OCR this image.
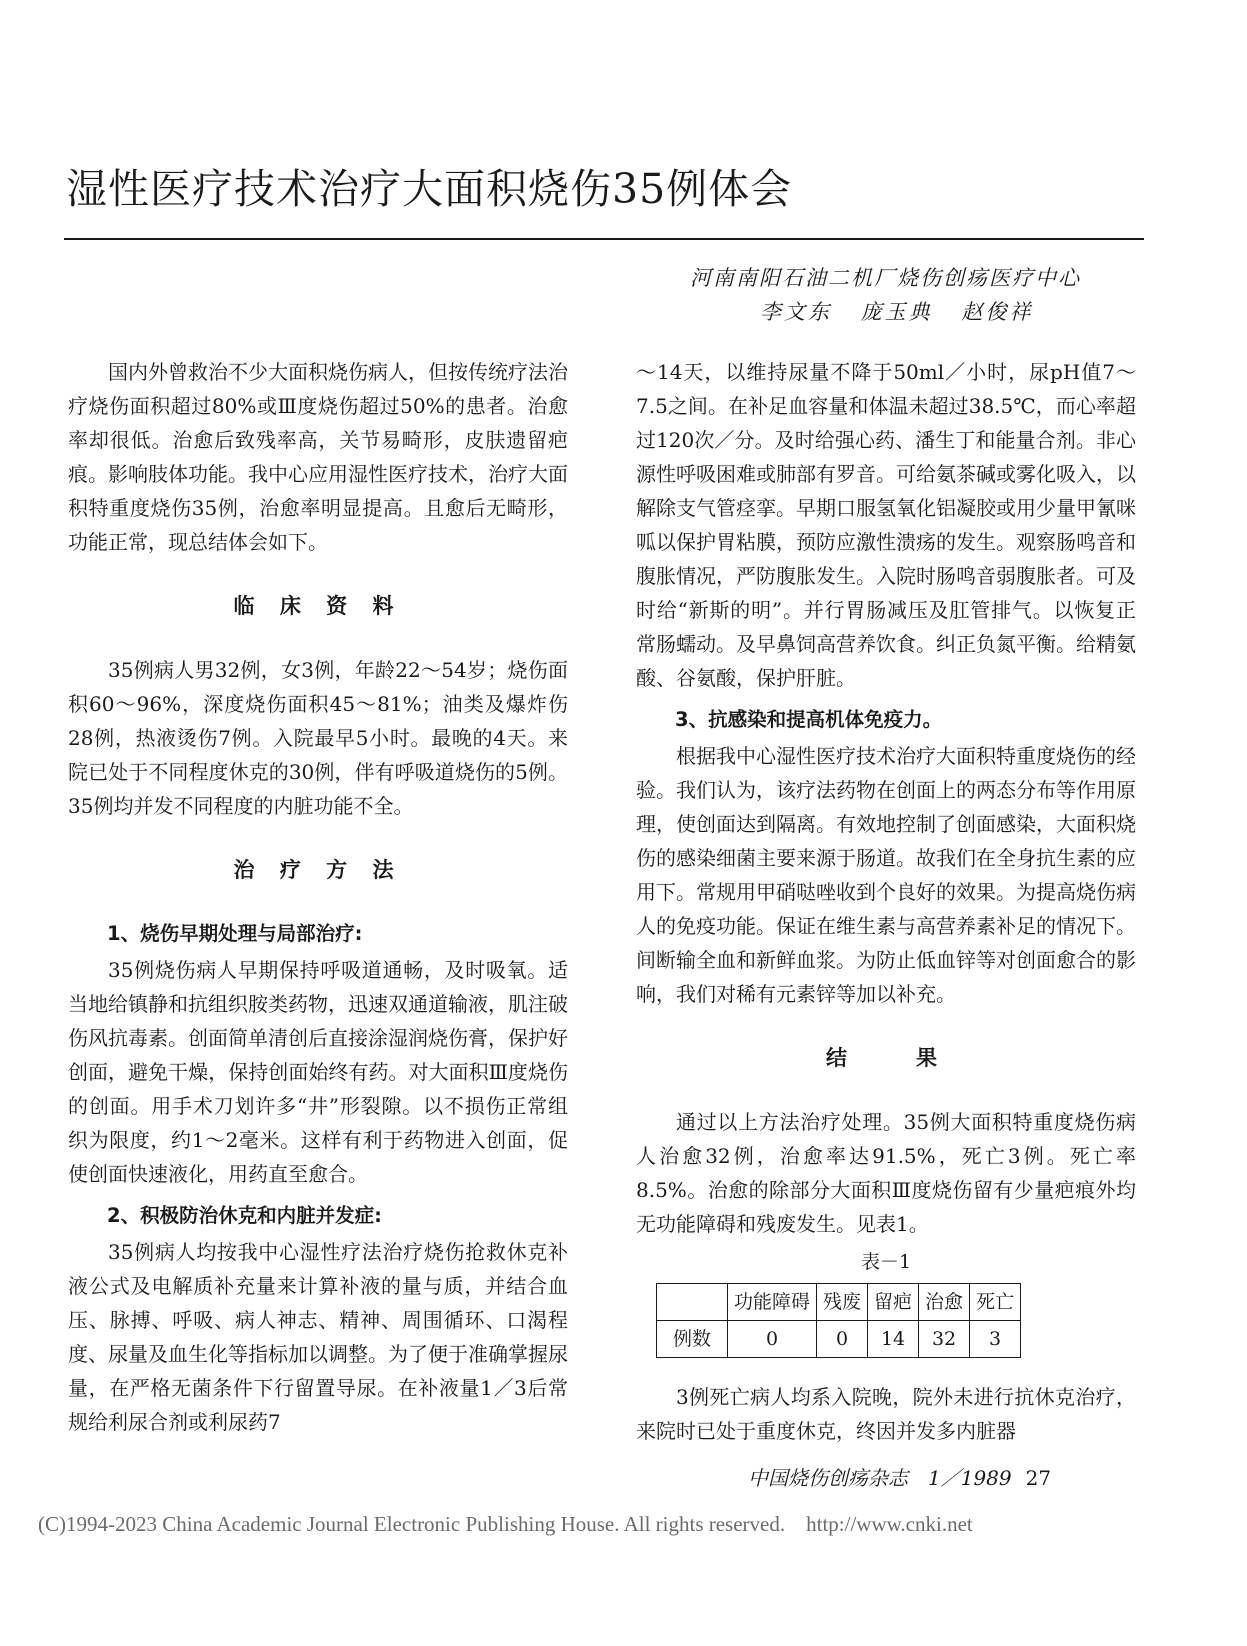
湿性医疗技术治疗大面积烧伤35例体会
河南南阳石油二机厂烧伤创疡医疗中心
李文东 庞玉典 赵俊祥

国内外曾救治不少大面积烧伤病人，但按传统疗法治疗烧伤面积超过80%或Ⅲ度烧伤超过50%的患者。治愈率却很低。治愈后致残率高，关节易畸形，皮肤遗留疤痕。影响肢体功能。我中心应用湿性医疗技术，治疗大面积特重度烧伤35例，治愈率明显提高。且愈后无畸形，功能正常，现总结体会如下。

临 床 资 料

35例病人男32例，女3例，年龄22～54岁；烧伤面积60～96%，深度烧伤面积45～81%；油类及爆炸伤28例，热液烫伤7例。入院最早5小时。最晚的4天。来院已处于不同程度休克的30例，伴有呼吸道烧伤的5例。35例均并发不同程度的内脏功能不全。

治 疗 方 法
1、烧伤早期处理与局部治疗:

35例烧伤病人早期保持呼吸道通畅，及时吸氧。适当地给镇静和抗组织胺类药物，迅速双通道输液，肌注破伤风抗毒素。创面简单清创后直接涂湿润烧伤膏，保护好创面，避免干燥，保持创面始终有药。对大面积Ⅲ度烧伤的创面。用手术刀划许多“井”形裂隙。以不损伤正常组织为限度，约1～2毫米。这样有利于药物进入创面，促使创面快速液化，用药直至愈合。

2、积极防治休克和内脏并发症:

35例病人均按我中心湿性疗法治疗烧伤抢救休克补液公式及电解质补充量来计算补液的量与质，并结合血压、脉搏、呼吸、病人神志、精神、周围循环、口渴程度、尿量及血生化等指标加以调整。为了便于准确掌握尿量，在严格无菌条件下行留置导尿。在补液量1／3后常规给利尿合剂或利尿药7

～14天，以维持尿量不降于50ml／小时，尿pH值7～7.5之间。在补足血容量和体温未超过38.5℃，而心率超过120次／分。及时给强心药、潘生丁和能量合剂。非心源性呼吸困难或肺部有罗音。可给氨茶碱或雾化吸入，以解除支气管痉挛。早期口服氢氧化铝凝胶或用少量甲氰咪呱以保护胃粘膜，预防应激性溃疡的发生。观察肠鸣音和腹胀情况，严防腹胀发生。入院时肠鸣音弱腹胀者。可及时给“新斯的明”。并行胃肠减压及肛管排气。以恢复正常肠蠕动。及早鼻饲高营养饮食。纠正负氮平衡。给精氨酸、谷氨酸，保护肝脏。

3、抗感染和提高机体免疫力。

根据我中心湿性医疗技术治疗大面积特重度烧伤的经验。我们认为，该疗法药物在创面上的两态分布等作用原理，使创面达到隔离。有效地控制了创面感染，大面积烧伤的感染细菌主要来源于肠道。故我们在全身抗生素的应用下。常规用甲硝哒唑收到个良好的效果。为提高烧伤病人的免疫功能。保证在维生素与高营养素补足的情况下。间断输全血和新鲜血浆。为防止低血锌等对创面愈合的影响，我们对稀有元素锌等加以补充。

结　　果

通过以上方法治疗处理。35例大面积特重度烧伤病人治愈32例，治愈率达91.5%，死亡3例。死亡率8.5%。治愈的除部分大面积Ⅲ度烧伤留有少量疤痕外均无功能障碍和残废发生。见表1。

表－1
	功能障碍	残废	留疤	治愈	死亡
例数	0	0	14	32	3

3例死亡病人均系入院晚，院外未进行抗休克治疗，来院时已处于重度休克，终因并发多内脏器

中国烧伤创疡杂志　1／1989 27
(C)1994-2023 China Academic Journal Electronic Publishing House. All rights reserved.　http://www.cnki.net
